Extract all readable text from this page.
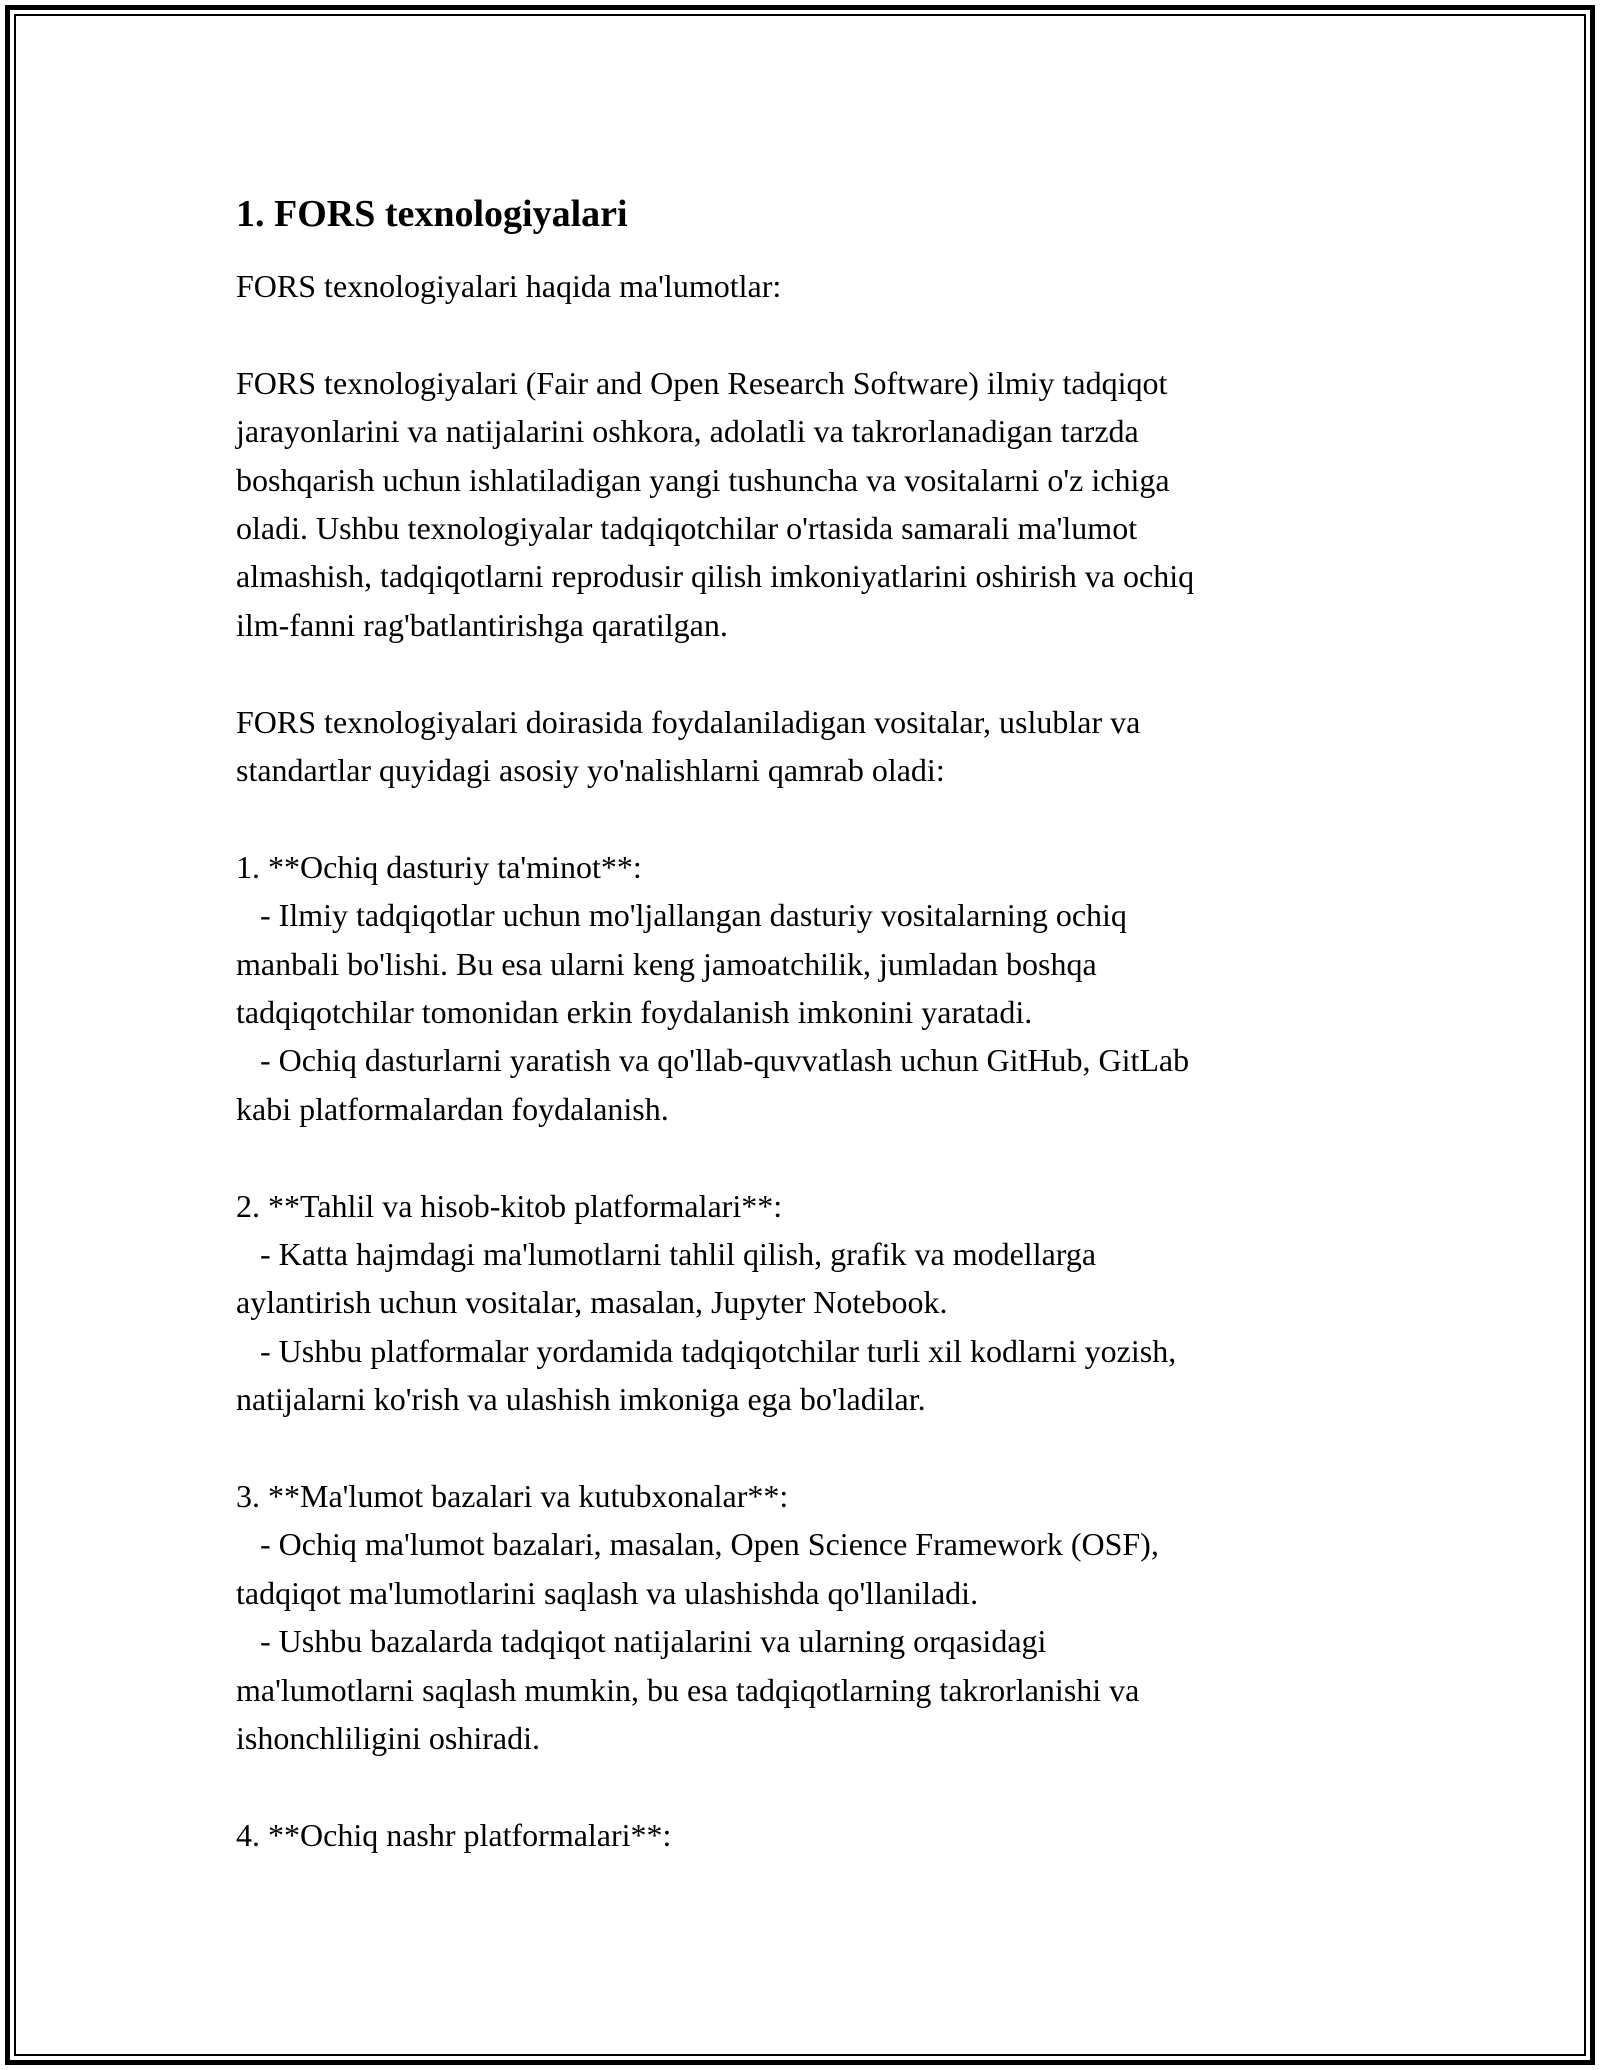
1. FORS texnologiyalari

FORS texnologiyalari haqida ma'lumotlar:

FORS texnologiyalari (Fair and Open Research Software) ilmiy tadqiqot

jarayonlarini va natijalarini oshkora, adolatli va takrorlanadigan tarzda

boshqarish uchun ishlatiladigan yangi tushuncha va vositalarni o'z ichiga

oladi. Ushbu texnologiyalar tadqiqotchilar o'rtasida samarali ma'lumot

almashish, tadqiqotlarni reprodusir qilish imkoniyatlarini oshirish va ochiq

ilm-fanni rag'batlantirishga qaratilgan.

FORS texnologiyalari doirasida foydalaniladigan vositalar, uslublar va

standartlar quyidagi asosiy yo'nalishlarni qamrab oladi:

1. **Ochiq dasturiy ta'minot**:

- Ilmiy tadqiqotlar uchun mo'ljallangan dasturiy vositalarning ochiq

manbali bo'lishi. Bu esa ularni keng jamoatchilik, jumladan boshqa

tadqiqotchilar tomonidan erkin foydalanish imkonini yaratadi.

- Ochiq dasturlarni yaratish va qo'llab-quvvatlash uchun GitHub, GitLab

kabi platformalardan foydalanish.

2. **Tahlil va hisob-kitob platformalari**:

- Katta hajmdagi ma'lumotlarni tahlil qilish, grafik va modellarga

aylantirish uchun vositalar, masalan, Jupyter Notebook.

- Ushbu platformalar yordamida tadqiqotchilar turli xil kodlarni yozish,

natijalarni ko'rish va ulashish imkoniga ega bo'ladilar.

3. **Ma'lumot bazalari va kutubxonalar**:

- Ochiq ma'lumot bazalari, masalan, Open Science Framework (OSF),

tadqiqot ma'lumotlarini saqlash va ulashishda qo'llaniladi.

- Ushbu bazalarda tadqiqot natijalarini va ularning orqasidagi

ma'lumotlarni saqlash mumkin, bu esa tadqiqotlarning takrorlanishi va

ishonchliligini oshiradi.

4. **Ochiq nashr platformalari**:
